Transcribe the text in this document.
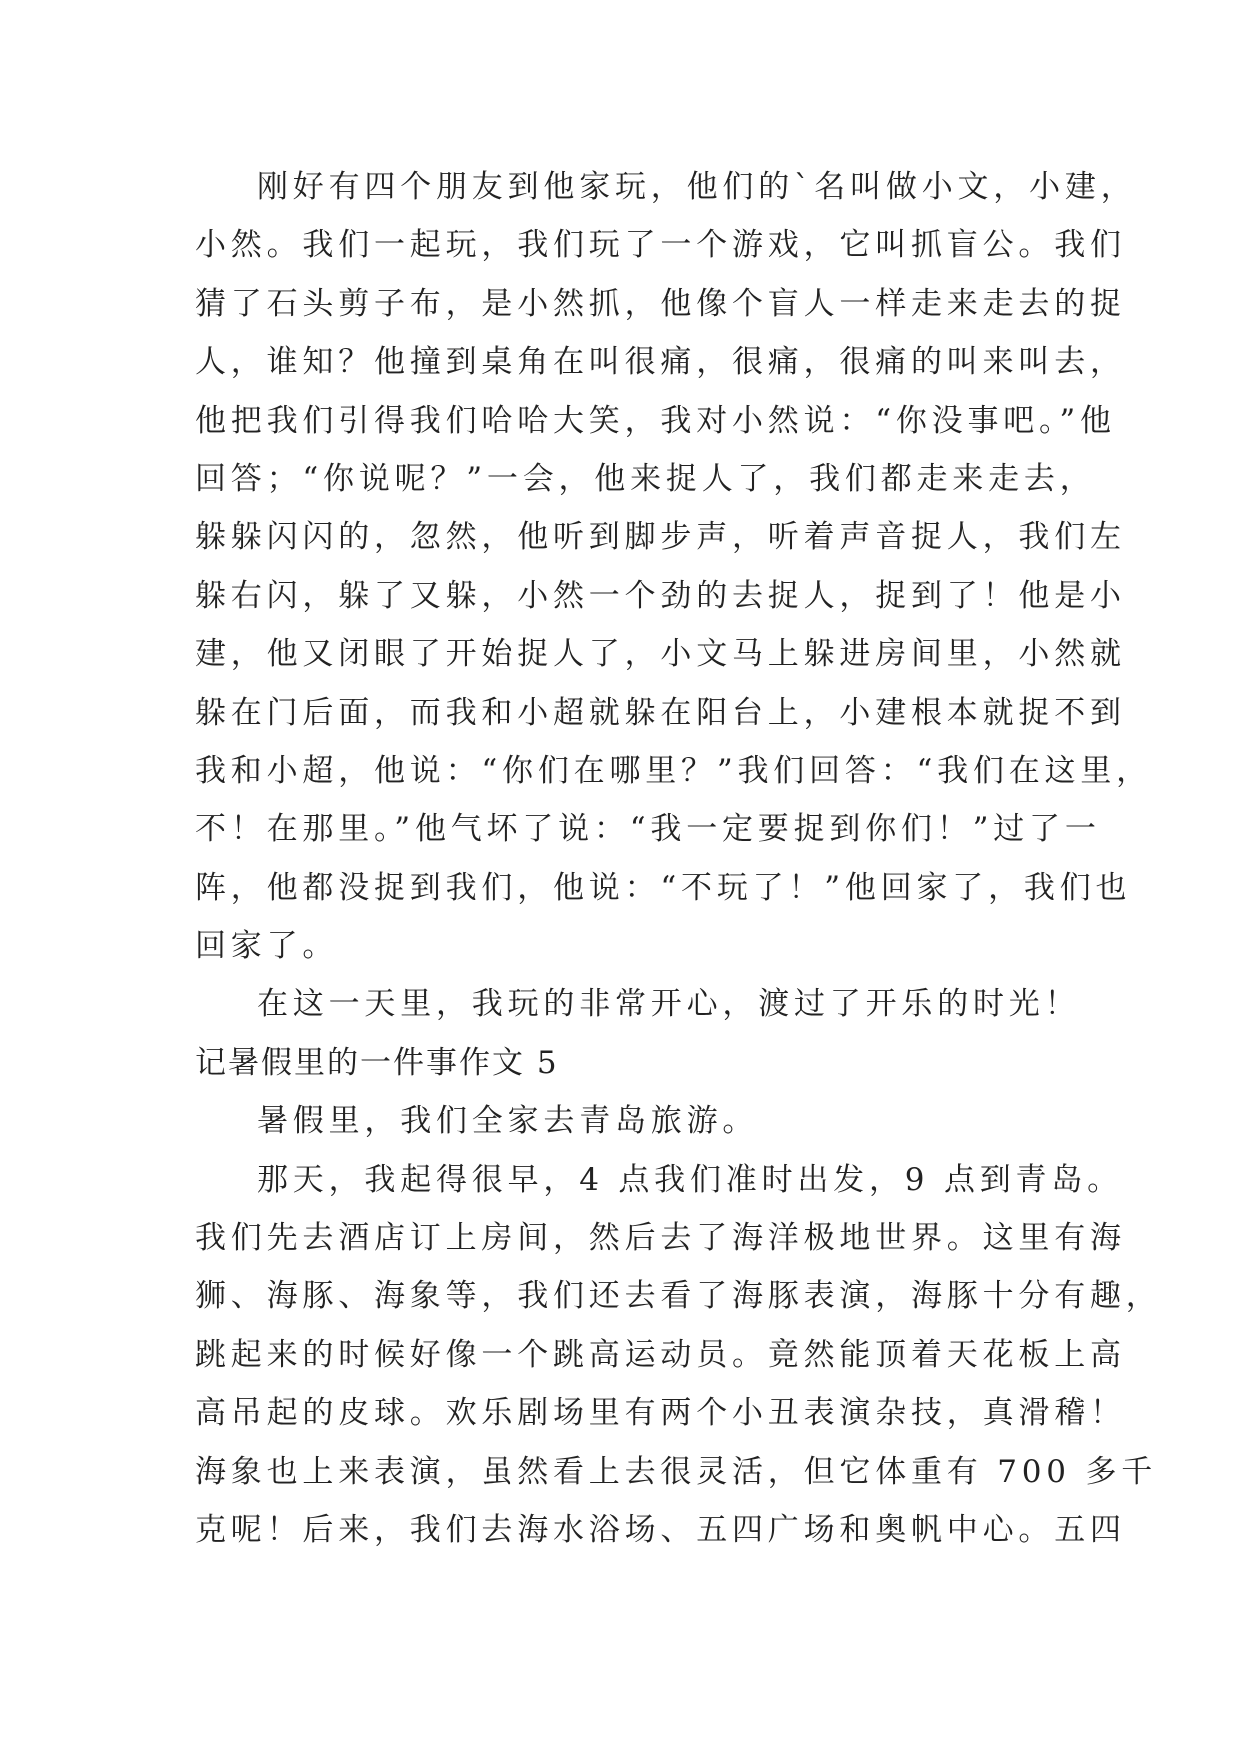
刚好有四个朋友到他家玩，他们的`名叫做小文，小建，
小然。我们一起玩，我们玩了一个游戏，它叫抓盲公。我们
猜了石头剪子布，是小然抓，他像个盲人一样走来走去的捉
人，谁知？他撞到桌角在叫很痛，很痛，很痛的叫来叫去，
他把我们引得我们哈哈大笑，我对小然说：“你没事吧。”他
回答；“你说呢？”一会，他来捉人了，我们都走来走去，
躲躲闪闪的，忽然，他听到脚步声，听着声音捉人，我们左
躲右闪，躲了又躲，小然一个劲的去捉人，捉到了！他是小
建，他又闭眼了开始捉人了，小文马上躲进房间里，小然就
躲在门后面，而我和小超就躲在阳台上，小建根本就捉不到
我和小超，他说：“你们在哪里？”我们回答：“我们在这里，
不！在那里。”他气坏了说：“我一定要捉到你们！”过了一
阵，他都没捉到我们，他说：“不玩了！”他回家了，我们也
回家了。
在这一天里，我玩的非常开心，渡过了开乐的时光！
记暑假里的一件事作文 5
暑假里，我们全家去青岛旅游。
那天，我起得很早，4 点我们准时出发，9 点到青岛。
我们先去酒店订上房间，然后去了海洋极地世界。这里有海
狮、海豚、海象等，我们还去看了海豚表演，海豚十分有趣，
跳起来的时候好像一个跳高运动员。竟然能顶着天花板上高
高吊起的皮球。欢乐剧场里有两个小丑表演杂技，真滑稽！
海象也上来表演，虽然看上去很灵活，但它体重有 700 多千
克呢！后来，我们去海水浴场、五四广场和奥帆中心。五四
